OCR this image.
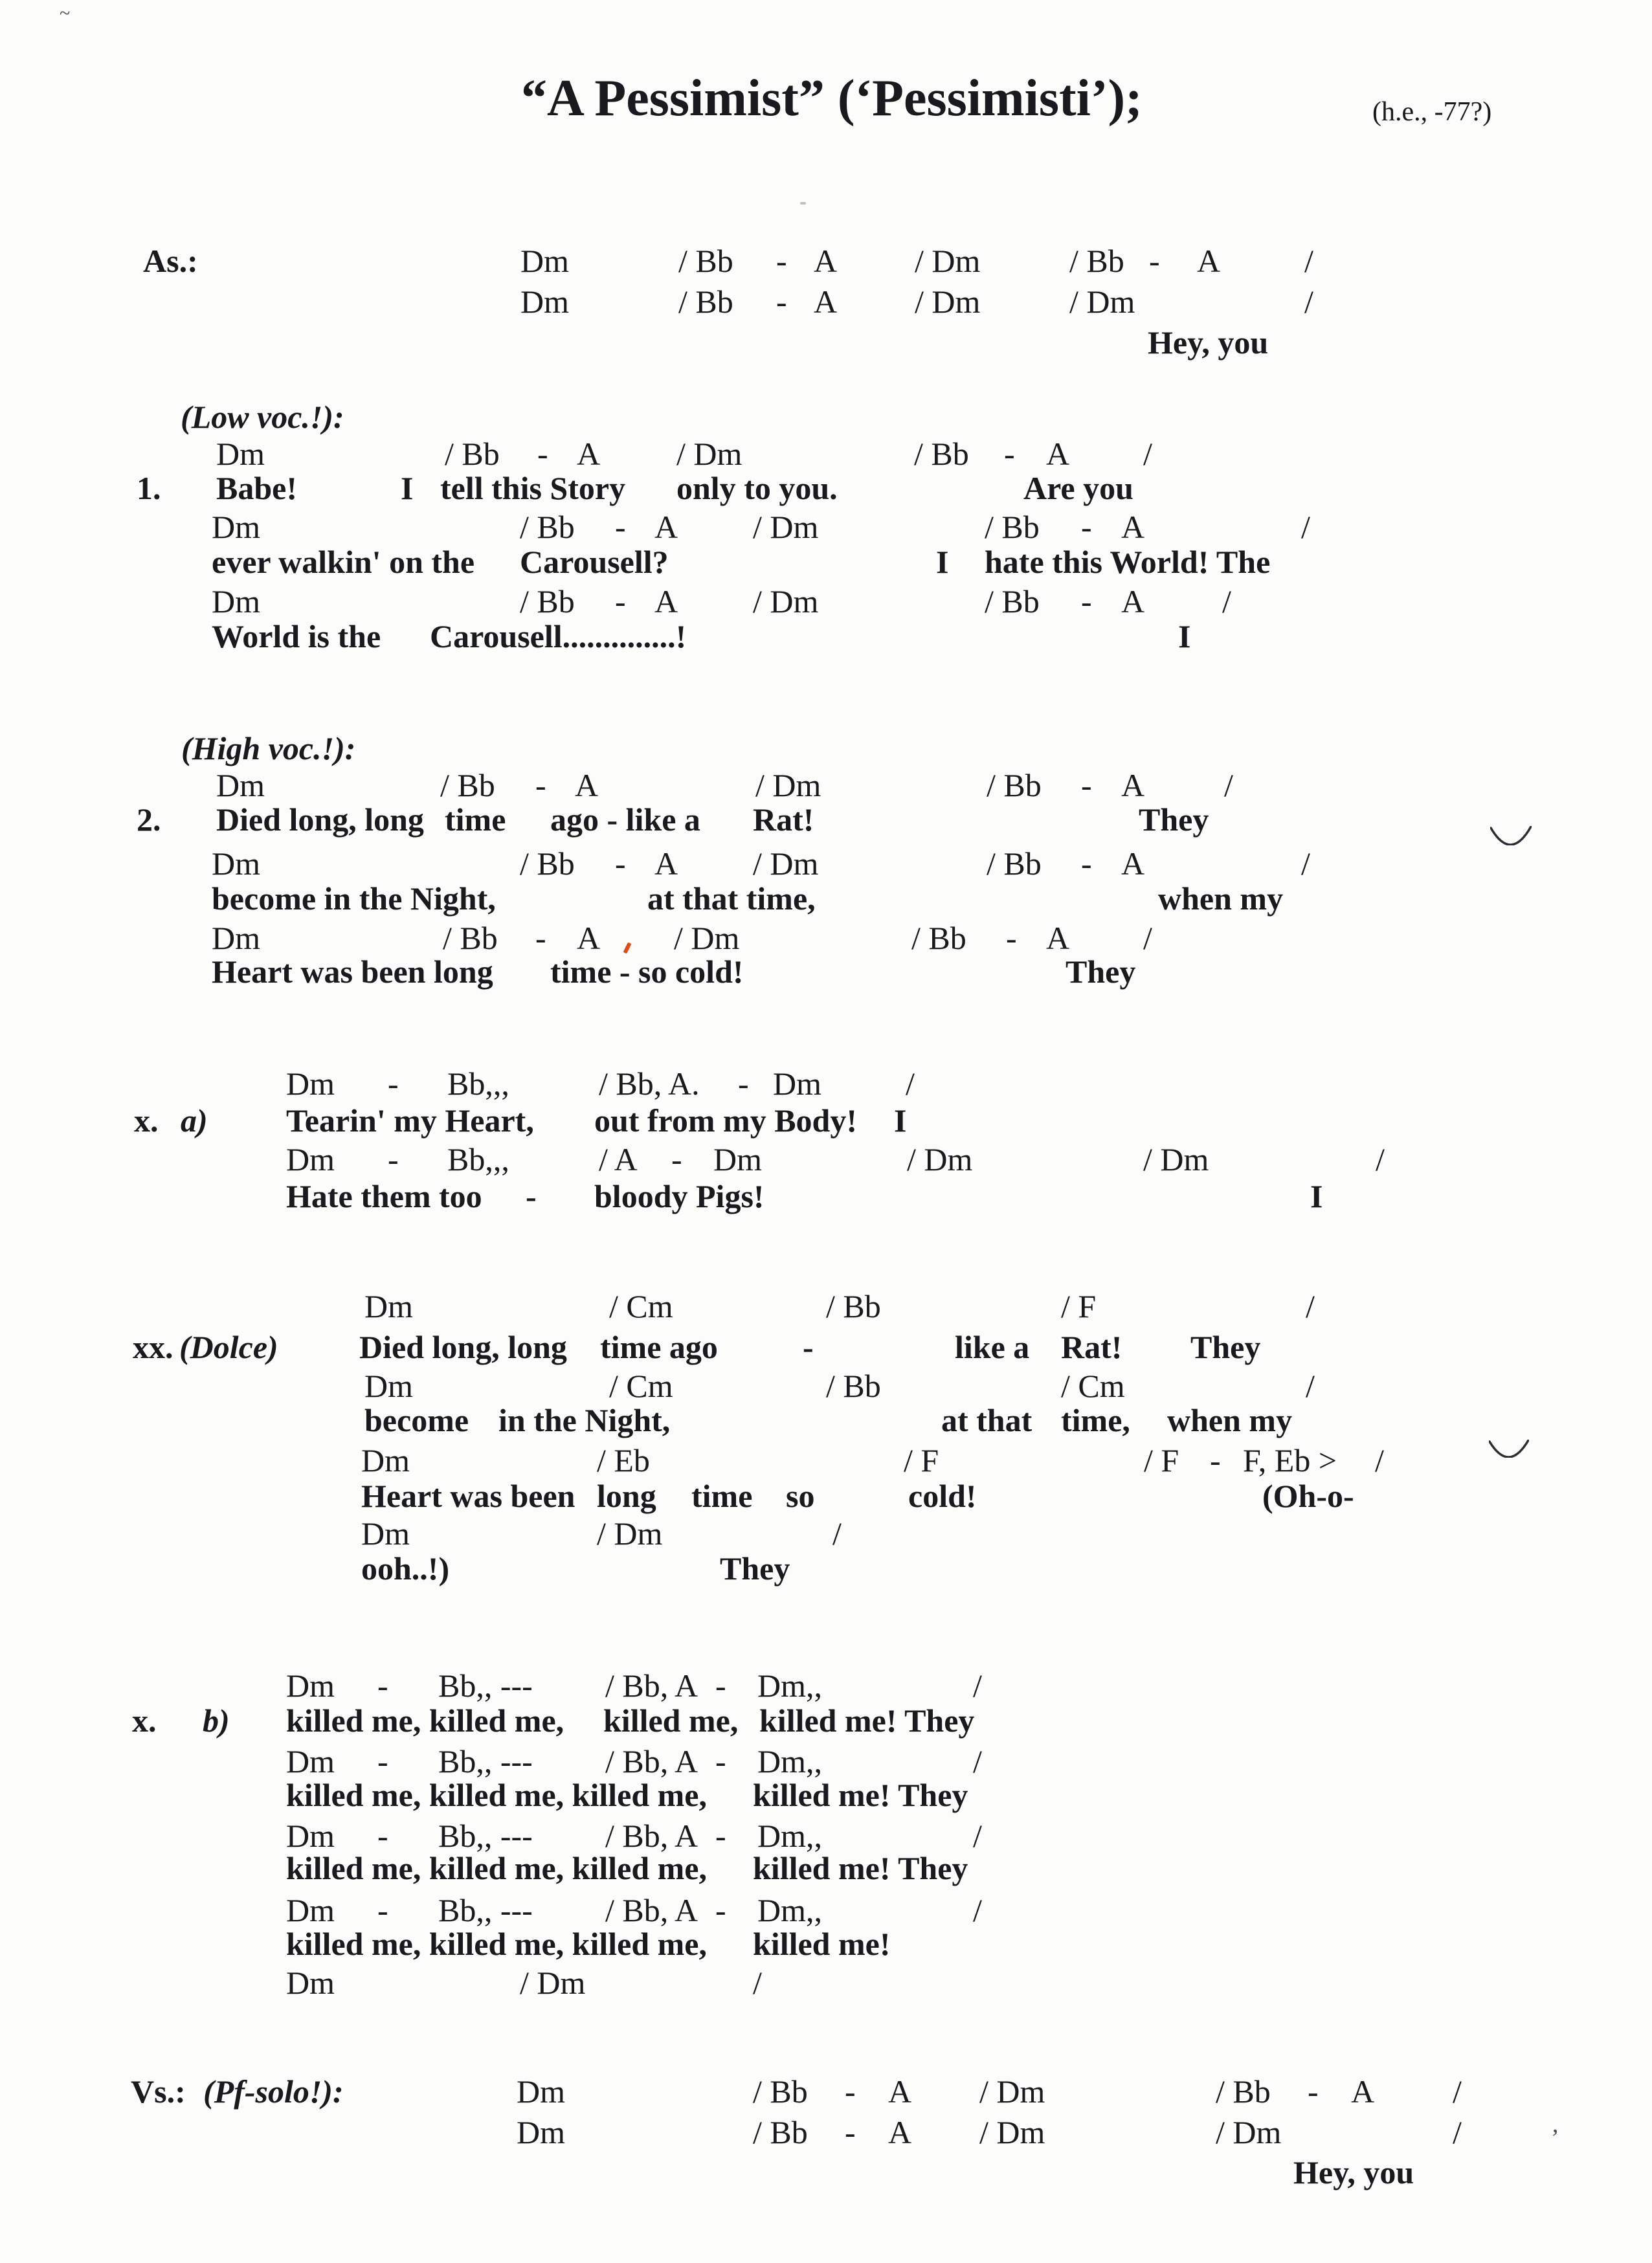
“A Pessimist” (‘Pessimisti’);	(h.e., -77?)
As.:	Dm	/ Bb - A / Dm	/ Bb - A	/
Dm	/ Bb - A / Dm	/ Dm	/
Hey, you
(Low voc.!):
Dm	/ Bb - A / Dm	/ Bb - A /
1. Babe!	I tell this Story only to you.	Are you
Dm	/ Bb - A / Dm	/ Bb - A	/
ever walkin' on the Carousell?	I hate this World! The
Dm	/ Bb - A / Dm	/ Bb - A /
World is the Carousell..............!	I
(High voc.!):
Dm	/ Bb - A	/ Dm	/ Bb - A /
2. Died long, long time ago - like a Rat!	They
Dm	/ Bb - A / Dm	/ Bb - A	/
become in the Night,	at that time,	when my
Dm	/ Bb - A / Dm	/ Bb - A /
Heart was been long time - so cold!	They
Dm - Bb,,,	/ Bb, A. - Dm	/
x. a) Tearin' my Heart, out from my Body! I
Dm - Bb,,,	/ A - Dm	/ Dm	/ Dm	/
Hate them too - bloody Pigs!	I
Dm	/ Cm	/ Bb	/ F	/
xx. (Dolce)	Died long, long time ago	-	like a Rat! They
Dm	/ Cm	/ Bb	/ Cm	/
become in the Night,	at that time, when my
Dm	/ Eb	/ F	/ F - F, Eb > /
Heart was been long time so	cold!	(Oh-o-
Dm	/ Dm	/
ooh..!)	They
Dm - Bb,, --- / Bb, A - Dm,,	/
x. b) killed me, killed me, killed me, killed me! They
Dm - Bb,, --- / Bb, A - Dm,,	/
killed me, killed me, killed me, killed me! They
Dm - Bb,, --- / Bb, A - Dm,,	/
killed me, killed me, killed me, killed me! They
Dm - Bb,, --- / Bb, A - Dm,,	/
killed me, killed me, killed me, killed me!
Dm	/ Dm	/
Vs.: (Pf-solo!):	Dm	/ Bb - A / Dm	/ Bb - A /
Dm	/ Bb - A / Dm	/ Dm	/
Hey, you
’
~
